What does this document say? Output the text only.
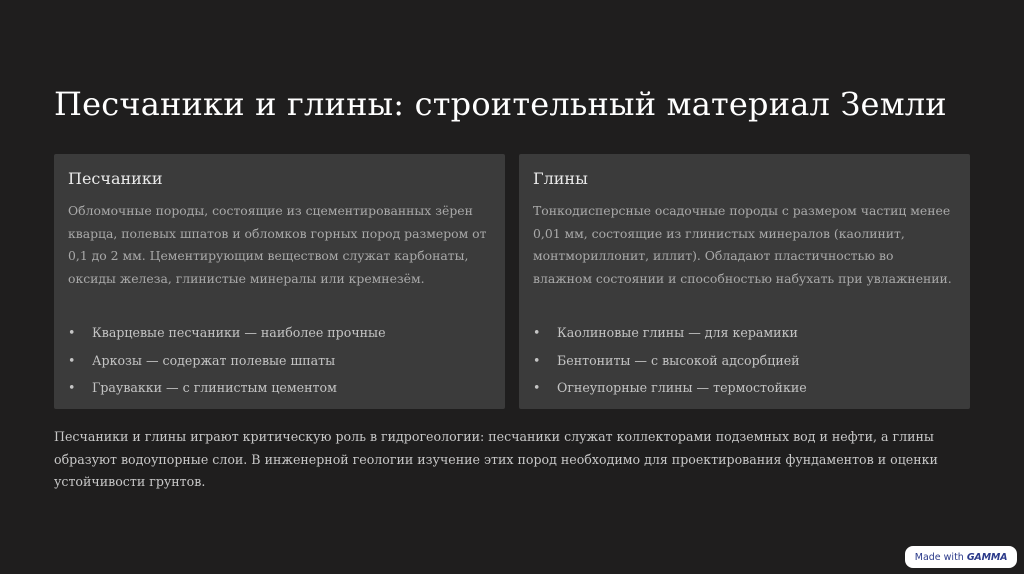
Песчаники и глины: строительный материал Земли
Песчаники

Обломочные породы, состоящие из сцементированных зёрен кварца, полевых шпатов и обломков горных пород размером от 0,1 до 2 мм. Цементирующим веществом служат карбонаты, оксиды железа, глинистые минералы или кремнезём.

• Кварцевые песчаники — наиболее прочные
• Аркозы — содержат полевые шпаты
• Граувакки — с глинистым цементом
Глины

Тонкодисперсные осадочные породы с размером частиц менее 0,01 мм, состоящие из глинистых минералов (каолинит, монтмориллонит, иллит). Обладают пластичностью во влажном состоянии и способностью набухать при увлажнении.

• Каолиновые глины — для керамики
• Бентониты — с высокой адсорбцией
• Огнеупорные глины — термостойкие

Песчаники и глины играют критическую роль в гидрогеологии: песчаники служат коллекторами подземных вод и нефти, а глины образуют водоупорные слои. В инженерной геологии изучение этих пород необходимо для проектирования фундаментов и оценки устойчивости грунтов.

Made with GAMMA
